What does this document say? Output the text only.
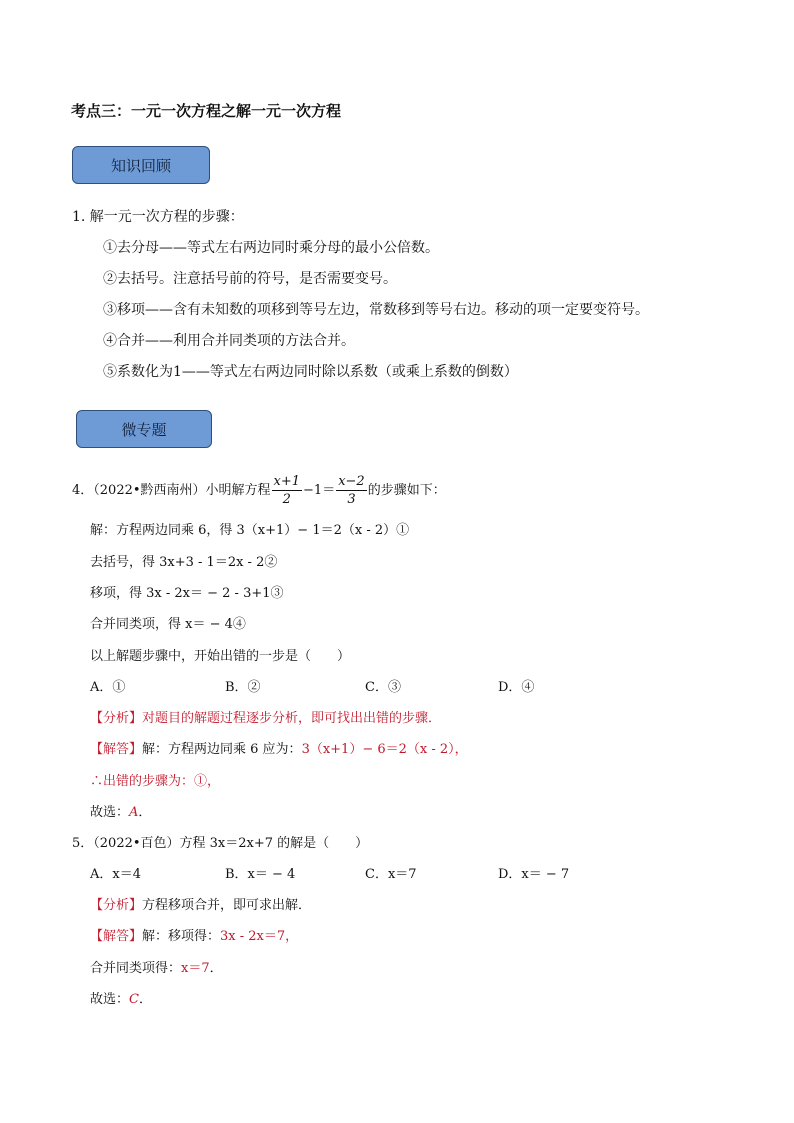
考点三：一元一次方程之解一元一次方程
知识回顾
1. 解一元一次方程的步骤：
①去分母——等式左右两边同时乘分母的最小公倍数。
②去括号。注意括号前的符号，是否需要变号。
③移项——含有未知数的项移到等号左边，常数移到等号右边。移动的项一定要变符号。
④合并——利用合并同类项的方法合并。
⑤系数化为1——等式左右两边同时除以系数（或乘上系数的倒数）
微专题
4．（2022•黔西南州）小明解方程 $\frac{x+1}{2} -1= \frac{x-2}{3}$ 的步骤如下：
解：方程两边同乘 6，得 3（x+1）− 1＝2（x - 2）①
去括号，得 3x+3 - 1＝2x - 2②
移项，得 3x - 2x＝ − 2 - 3+1③
合并同类项，得 x＝ − 4④
以上解题步骤中，开始出错的一步是（　　）
A．①	B．②	C．③	D．④
【分析】对题目的解题过程逐步分析，即可找出出错的步骤．
【解答】解：方程两边同乘 6 应为：3（x+1）− 6＝2（x - 2），
∴出错的步骤为：①，
故选：A．
5．（2022•百色）方程 3x＝2x+7 的解是（　　）
A．x＝4	B．x＝ − 4	C．x＝7	D．x＝ − 7
【分析】方程移项合并，即可求出解．
【解答】解：移项得：3x - 2x＝7，
合并同类项得：x＝7．
故选：C．
